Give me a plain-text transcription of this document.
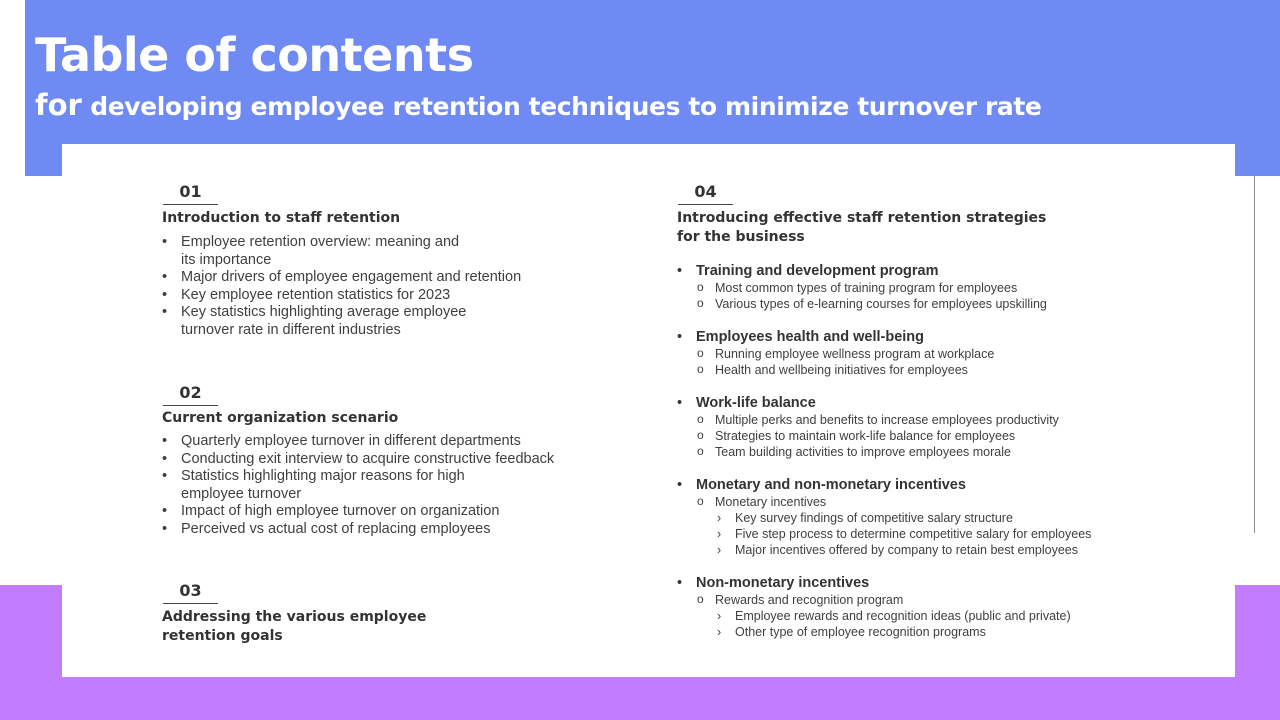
Table of contents
for developing employee retention techniques to minimize turnover rate
01
Introduction to staff retention
• Employee retention overview: meaning and
its importance
• Major drivers of employee engagement and retention
• Key employee retention statistics for 2023
• Key statistics highlighting average employee
turnover rate in different industries
02
Current organization scenario
• Quarterly employee turnover in different departments
• Conducting exit interview to acquire constructive feedback
• Statistics highlighting major reasons for high
employee turnover
• Impact of high employee turnover on organization
• Perceived vs actual cost of replacing employees
03
Addressing the various employee
retention goals
04
Introducing effective staff retention strategies
for the business
• Training and development program
o Most common types of training program for employees
o Various types of e-learning courses for employees upskilling
• Employees health and well-being
o Running employee wellness program at workplace
o Health and wellbeing initiatives for employees
• Work-life balance
o Multiple perks and benefits to increase employees productivity
o Strategies to maintain work-life balance for employees
o Team building activities to improve employees morale
• Monetary and non-monetary incentives
o Monetary incentives
› Key survey findings of competitive salary structure
› Five step process to determine competitive salary for employees
› Major incentives offered by company to retain best employees
• Non-monetary incentives
o Rewards and recognition program
› Employee rewards and recognition ideas (public and private)
› Other type of employee recognition programs
